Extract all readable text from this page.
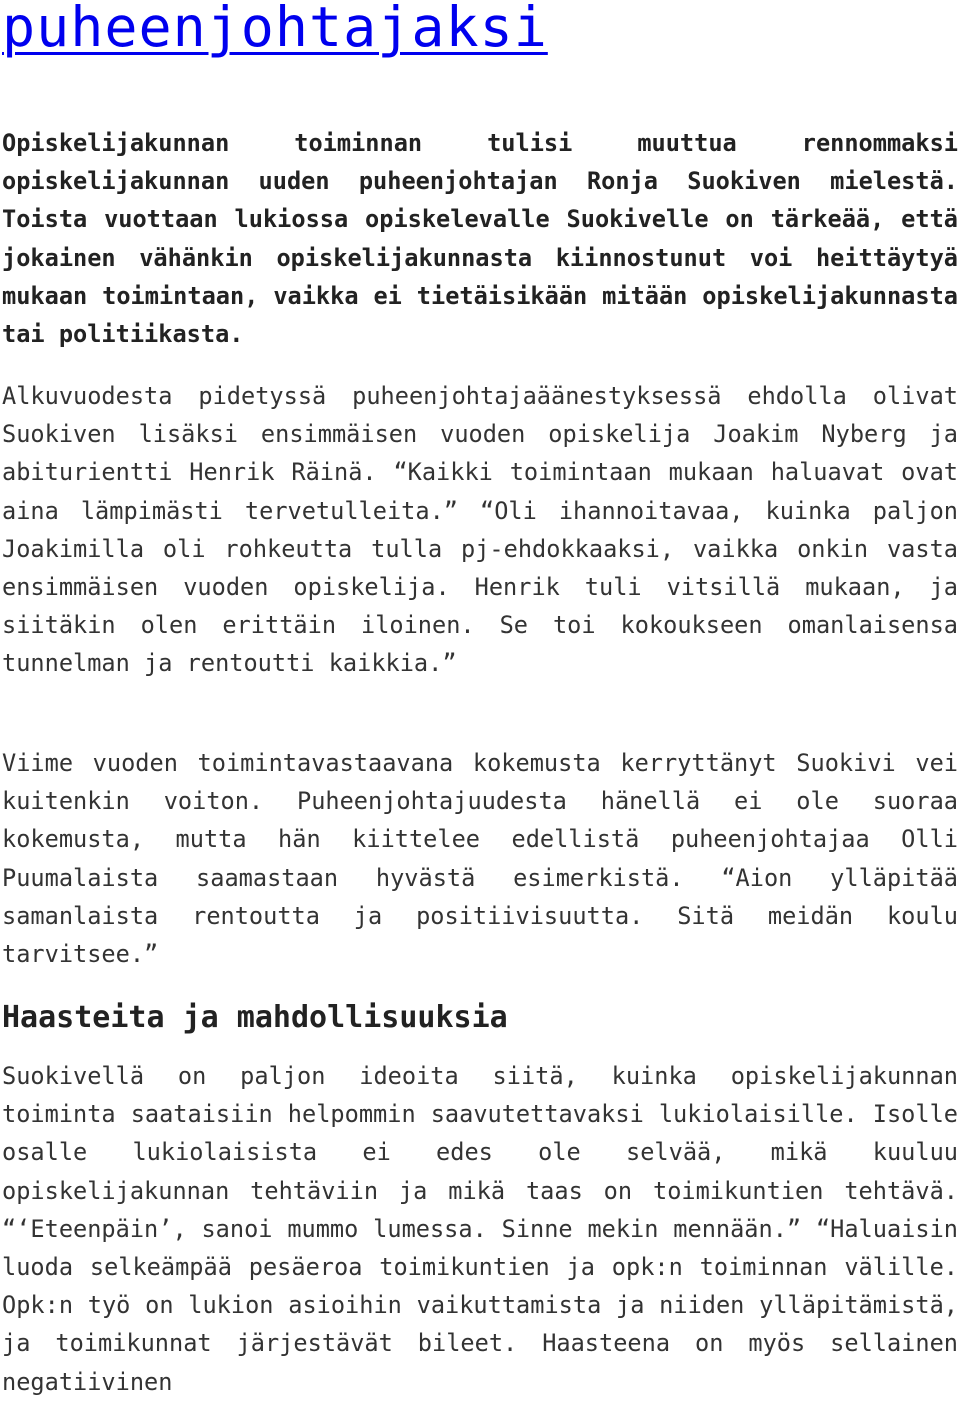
puheenjohtajaksi

Opiskelijakunnan toiminnan tulisi muuttua rennommaksi opiskelijakunnan uuden puheenjohtajan Ronja Suokiven mielestä. Toista vuottaan lukiossa opiskelevalle Suokivelle on tärkeää, että jokainen vähänkin opiskelijakunnasta kiinnostunut voi heittäytyä mukaan toimintaan, vaikka ei tietäisikään mitään opiskelijakunnasta tai politiikasta.

Alkuvuodesta pidetyssä puheenjohtajaäänestyksessä ehdolla olivat Suokiven lisäksi ensimmäisen vuoden opiskelija Joakim Nyberg ja abiturientti Henrik Räinä. “Kaikki toimintaan mukaan haluavat ovat aina lämpimästi tervetulleita.” “Oli ihannoitavaa, kuinka paljon Joakimilla oli rohkeutta tulla pj-ehdokkaaksi, vaikka onkin vasta ensimmäisen vuoden opiskelija. Henrik tuli vitsillä mukaan, ja siitäkin olen erittäin iloinen. Se toi kokoukseen omanlaisensa tunnelman ja rentoutti kaikkia.”

Viime vuoden toimintavastaavana kokemusta kerryttänyt Suokivi vei kuitenkin voiton. Puheenjohtajuudesta hänellä ei ole suoraa kokemusta, mutta hän kiittelee edellistä puheenjohtajaa Olli Puumalaista saamastaan hyvästä esimerkistä. “Aion ylläpitää samanlaista rentoutta ja positiivisuutta. Sitä meidän koulu tarvitsee.”

Haasteita ja mahdollisuuksia

Suokivellä on paljon ideoita siitä, kuinka opiskelijakunnan toiminta saataisiin helpommin saavutettavaksi lukiolaisille. Isolle osalle lukiolaisista ei edes ole selvää, mikä kuuluu opiskelijakunnan tehtäviin ja mikä taas on toimikuntien tehtävä. “‘Eteenpäin’, sanoi mummo lumessa. Sinne mekin mennään.” “Haluaisin luoda selkeämpää pesäeroa toimikuntien ja opk:n toiminnan välille. Opk:n työ on lukion asioihin vaikuttamista ja niiden ylläpitämistä, ja toimikunnat järjestävät bileet. Haasteena on myös sellainen negatiivinen
